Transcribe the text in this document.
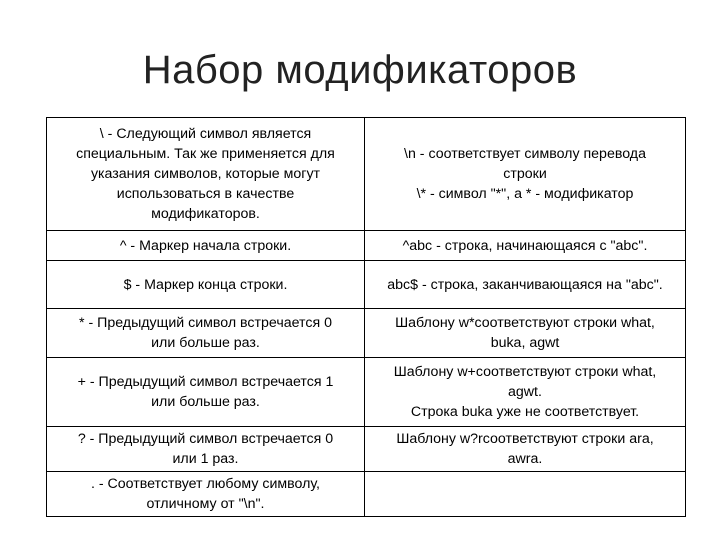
Набор модификаторов
\ - Следующий символ является
специальным. Так же применяется для
указания символов, которые могут
использоваться в качестве
модификаторов.	\n - соответствует символу перевода
строки
\* - символ "*", а * - модификатор
^ - Маркер начала строки.	^abc - строка, начинающаяся с "abc".
$ - Маркер конца строки.	abc$ - строка, заканчивающаяся на "abc".
* - Предыдущий символ встречается 0
или больше раз.	Шаблону w*соответствуют строки what,
buka, agwt
+ - Предыдущий символ встречается 1
или больше раз.	Шаблону w+соответствуют строки what,
agwt.
Строка buka уже не соответствует.
? - Предыдущий символ встречается 0
или 1 раз.	Шаблону w?rсоответствуют строки ara,
awra.
. - Соответствует любому символу,
отличному от "\n".	
